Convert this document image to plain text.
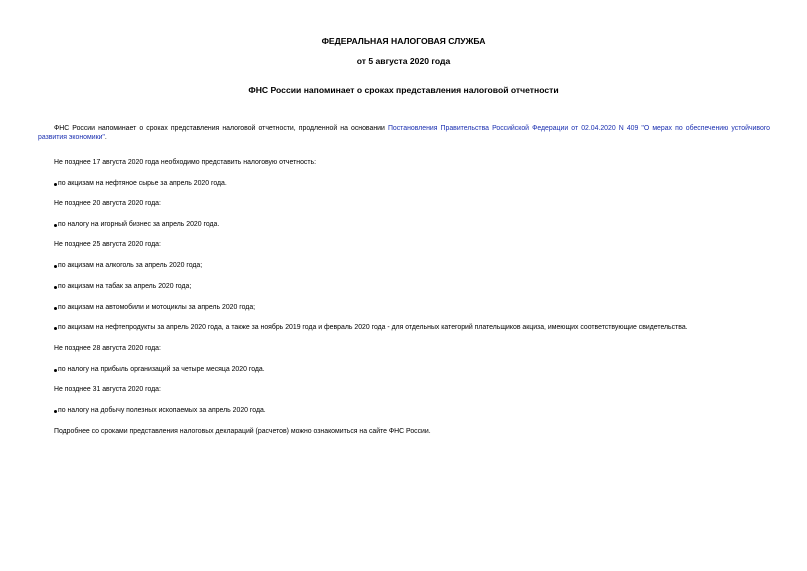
ФЕДЕРАЛЬНАЯ НАЛОГОВАЯ СЛУЖБА
от 5 августа 2020 года
ФНС России напоминает о сроках представления налоговой отчетности
ФНС России напоминает о сроках представления налоговой отчетности, продленной на основании Постановления Правительства Российской Федерации от 02.04.2020 N 409 "О мерах по обеспечению устойчивого развития экономики".
Не позднее 17 августа 2020 года необходимо представить налоговую отчетность:
по акцизам на нефтяное сырье за апрель 2020 года.
Не позднее 20 августа 2020 года:
по налогу на игорный бизнес за апрель 2020 года.
Не позднее 25 августа 2020 года:
по акцизам на алкоголь за апрель 2020 года;
по акцизам на табак за апрель 2020 года;
по акцизам на автомобили и мотоциклы за апрель 2020 года;
по акцизам на нефтепродукты за апрель 2020 года, а также за ноябрь 2019 года и февраль 2020 года - для отдельных категорий плательщиков акциза, имеющих соответствующие свидетельства.
Не позднее 28 августа 2020 года:
по налогу на прибыль организаций за четыре месяца 2020 года.
Не позднее 31 августа 2020 года:
по налогу на добычу полезных ископаемых за апрель 2020 года.
Подробнее со сроками представления налоговых деклараций (расчетов) можно ознакомиться на сайте ФНС России.
